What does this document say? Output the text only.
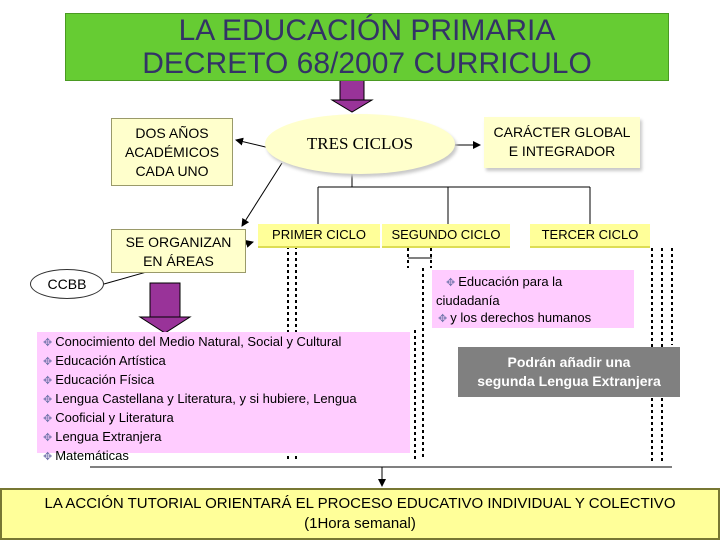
LA EDUCACIÓN PRIMARIA
DECRETO 68/2007 CURRICULO
DOS AÑOS
ACADÉMICOS
CADA UNO
SE ORGANIZAN
EN ÁREAS
TRES CICLOS
CARÁCTER GLOBAL
E INTEGRADOR
PRIMER CICLO	SEGUNDO CICLO	TERCER CICLO
CCBB	✥ Educación para la
ciudadanía
✥ y los derechos humanos
✥ Conocimiento del Medio Natural, Social y Cultural
✥ Educación Artística
✥ Educación Física
✥ Lengua Castellana y Literatura, y si hubiere, Lengua
✥ Cooficial y Literatura
✥ Lengua Extranjera
✥ Matemáticas
Podrán añadir una
segunda Lengua Extranjera
LA ACCIÓN TUTORIAL ORIENTARÁ EL PROCESO EDUCATIVO INDIVIDUAL Y COLECTIVO
(1Hora semanal)
